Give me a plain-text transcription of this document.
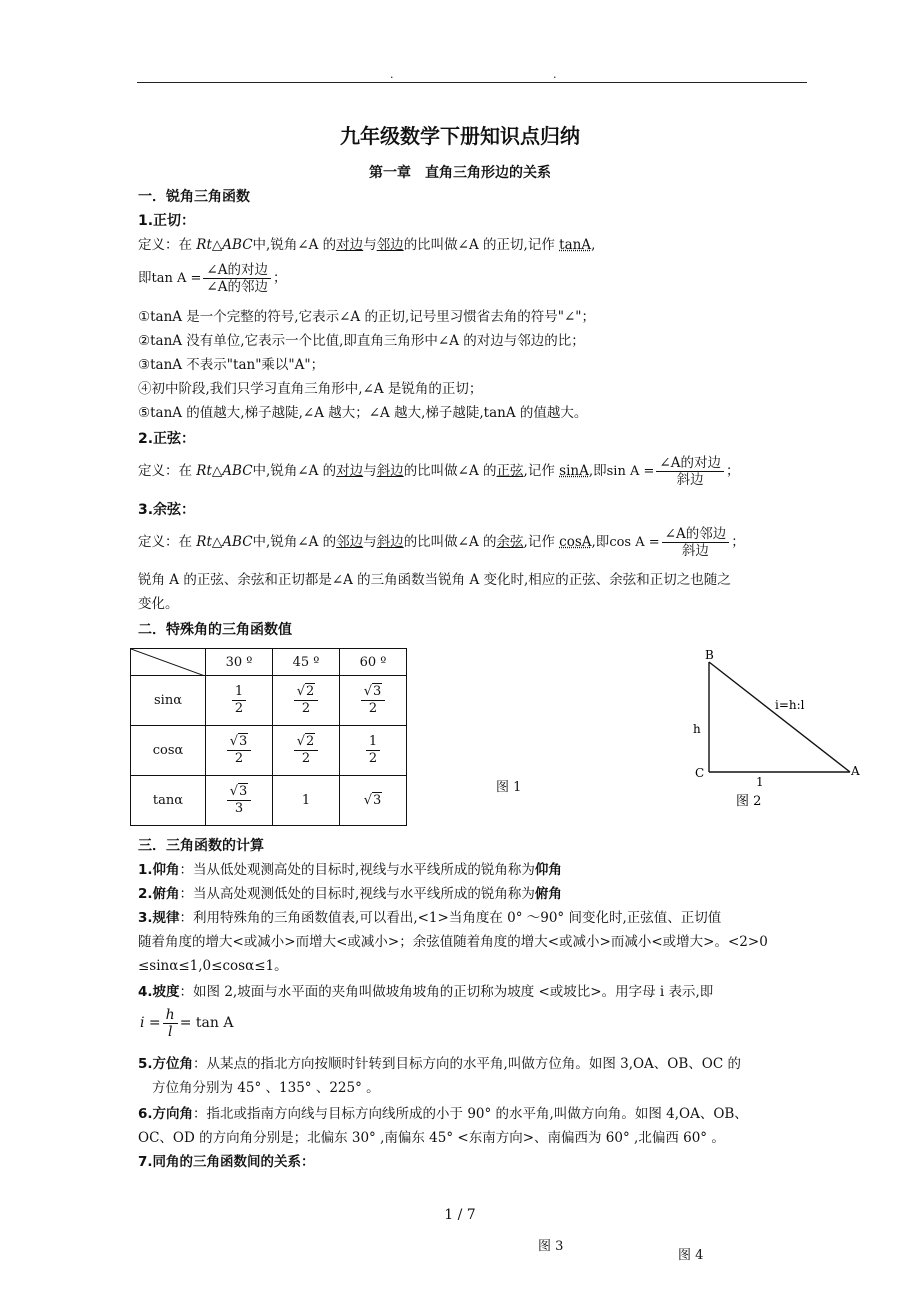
.	.
九年级数学下册知识点归纳
第一章　直角三角形边的关系
一．锐角三角函数
1.正切：
定义：在 Rt△ABC中,锐角∠A 的对边与邻边的比叫做∠A 的正切,记作 tanA,
即$\tan A = \frac{\text{∠A的对边}}{\text{∠A的邻边}}$ ；
①tanA 是一个完整的符号,它表示∠A 的正切,记号里习惯省去角的符号"∠"；
②tanA 没有单位,它表示一个比值,即直角三角形中∠A 的对边与邻边的比；
③tanA 不表示"tan"乘以"A"；
④初中阶段,我们只学习直角三角形中,∠A 是锐角的正切；
⑤tanA 的值越大,梯子越陡,∠A 越大；∠A 越大,梯子越陡,tanA 的值越大。
2.正弦：
定义：在 Rt△ABC中,锐角∠A 的对边与斜边的比叫做∠A 的正弦,记作 sinA,即$\sin A = \frac{\text{∠A的对边}}{\text{斜边}}$ ；
3.余弦：
定义：在 Rt△ABC中,锐角∠A 的邻边与斜边的比叫做∠A 的余弦,记作 cosA,即$\cos A = \frac{\text{∠A的邻边}}{\text{斜边}}$ ；
锐角 A 的正弦、余弦和正切都是∠A 的三角函数当锐角 A 变化时,相应的正弦、余弦和正切之也随之
变化。
二．特殊角的三角函数值
	30 º	45 º	60 º
sinα	$\frac{1}{2}$	$\frac{√2}{2}$	$\frac{√3}{2}$

cosα	$\frac{√3}{2}$	$\frac{√2}{2}$	$\frac{1}{2}$

tanα	$\frac{√3}{3}$	1	√3
图 1
B
C	A
h
1
i=h:l
图 2
三．三角函数的计算
1.仰角：当从低处观测高处的目标时,视线与水平线所成的锐角称为仰角
2.俯角：当从高处观测低处的目标时,视线与水平线所成的锐角称为俯角
3.规律：利用特殊角的三角函数值表,可以看出,<1>当角度在 0° ～90° 间变化时,正弦值、正切值
随着角度的增大<或减小>而增大<或减小>；余弦值随着角度的增大<或减小>而减小<或增大>。<2>0
≤sinα≤1,0≤cosα≤1。
4.坡度：如图 2,坡面与水平面的夹角叫做坡角坡角的正切称为坡度 <或坡比>。用字母 i 表示,即
$i = \frac{h}{l} = \tan A$
5.方位角：从某点的指北方向按顺时针转到目标方向的水平角,叫做方位角。如图 3,OA、OB、OC 的
方位角分别为 45° 、135° 、225° 。
6.方向角：指北或指南方向线与目标方向线所成的小于 90° 的水平角,叫做方向角。如图 4,OA、OB、
OC、OD 的方向角分别是；北偏东 30° ,南偏东 45° <东南方向>、南偏西为 60° ,北偏西 60° 。
7.同角的三角函数间的关系：
1 / 7
图 3
图 4
